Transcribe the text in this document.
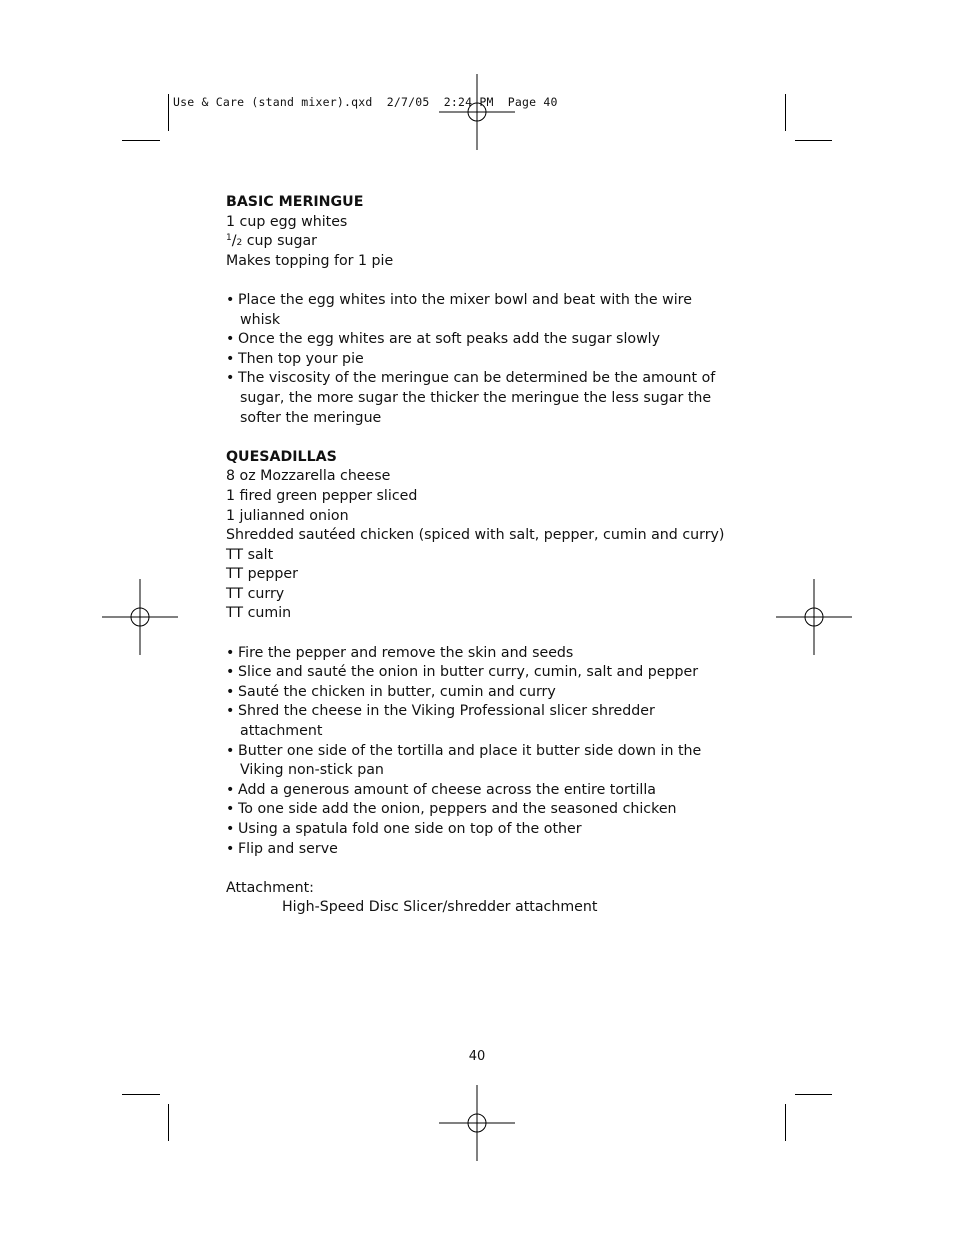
Use & Care (stand mixer).qxd  2/7/05  2:24 PM  Page 40
BASIC MERINGUE
1 cup egg whites
$^1$/2 cup sugar
Makes topping for 1 pie
• Place the egg whites into the mixer bowl and beat with the wire whisk
• Once the egg whites are at soft peaks add the sugar slowly
• Then top your pie
• The viscosity of the meringue can be determined be the amount of sugar, the more sugar the thicker the meringue the less sugar the softer the meringue
QUESADILLAS
8 oz Mozzarella cheese
1 fired green pepper sliced
1 julianned onion
Shredded sautéed chicken (spiced with salt, pepper, cumin and curry)
TT salt
TT pepper
TT curry
TT cumin
• Fire the pepper and remove the skin and seeds
• Slice and sauté the onion in butter curry, cumin, salt and pepper
• Sauté the chicken in butter, cumin and curry
• Shred the cheese in the Viking Professional slicer shredder attachment
• Butter one side of the tortilla and place it butter side down in the Viking non-stick pan
• Add a generous amount of cheese across the entire tortilla
• To one side add the onion, peppers and the seasoned chicken
• Using a spatula fold one side on top of the other
• Flip and serve
Attachment:
High-Speed Disc Slicer/shredder attachment
40
